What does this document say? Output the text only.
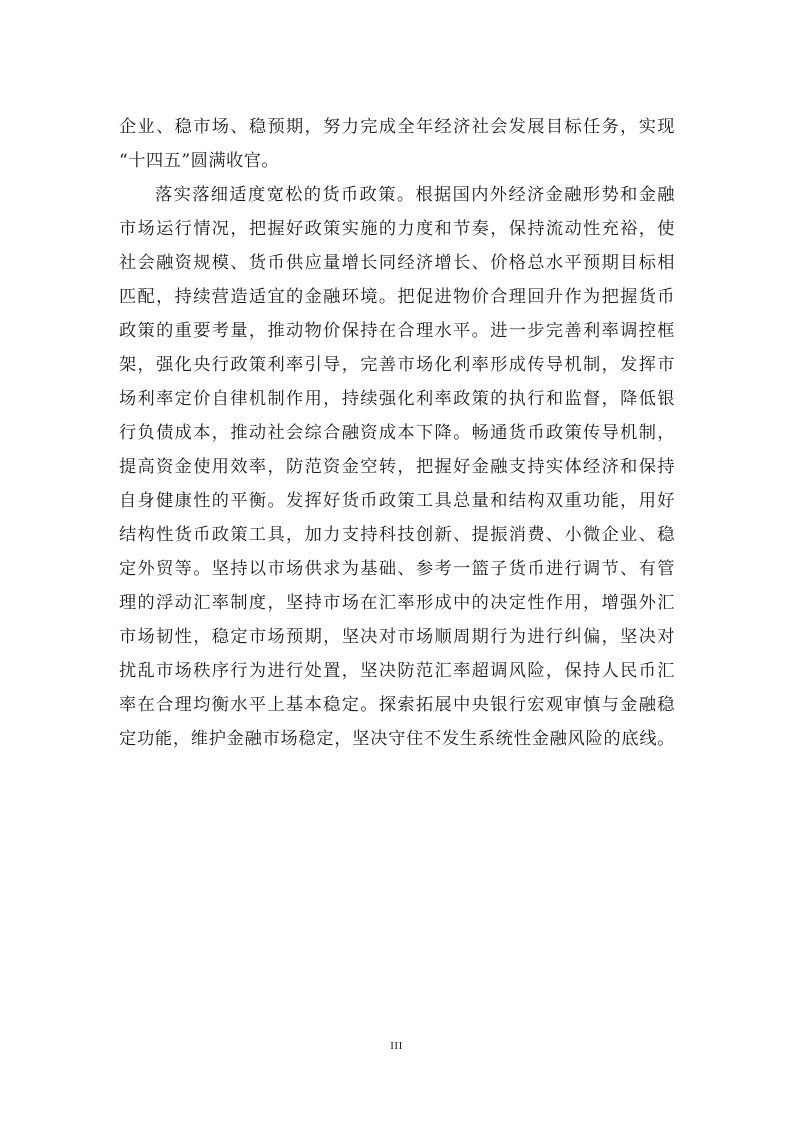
企业、稳市场、稳预期，努力完成全年经济社会发展目标任务，实现
“十四五”圆满收官。
落实落细适度宽松的货币政策。根据国内外经济金融形势和金融
市场运行情况，把握好政策实施的力度和节奏，保持流动性充裕，使
社会融资规模、货币供应量增长同经济增长、价格总水平预期目标相
匹配，持续营造适宜的金融环境。把促进物价合理回升作为把握货币
政策的重要考量，推动物价保持在合理水平。进一步完善利率调控框
架，强化央行政策利率引导，完善市场化利率形成传导机制，发挥市
场利率定价自律机制作用，持续强化利率政策的执行和监督，降低银
行负债成本，推动社会综合融资成本下降。畅通货币政策传导机制，
提高资金使用效率，防范资金空转，把握好金融支持实体经济和保持
自身健康性的平衡。发挥好货币政策工具总量和结构双重功能，用好
结构性货币政策工具，加力支持科技创新、提振消费、小微企业、稳
定外贸等。坚持以市场供求为基础、参考一篮子货币进行调节、有管
理的浮动汇率制度，坚持市场在汇率形成中的决定性作用，增强外汇
市场韧性，稳定市场预期，坚决对市场顺周期行为进行纠偏，坚决对
扰乱市场秩序行为进行处置，坚决防范汇率超调风险，保持人民币汇
率在合理均衡水平上基本稳定。探索拓展中央银行宏观审慎与金融稳
定功能，维护金融市场稳定，坚决守住不发生系统性金融风险的底线。
III
